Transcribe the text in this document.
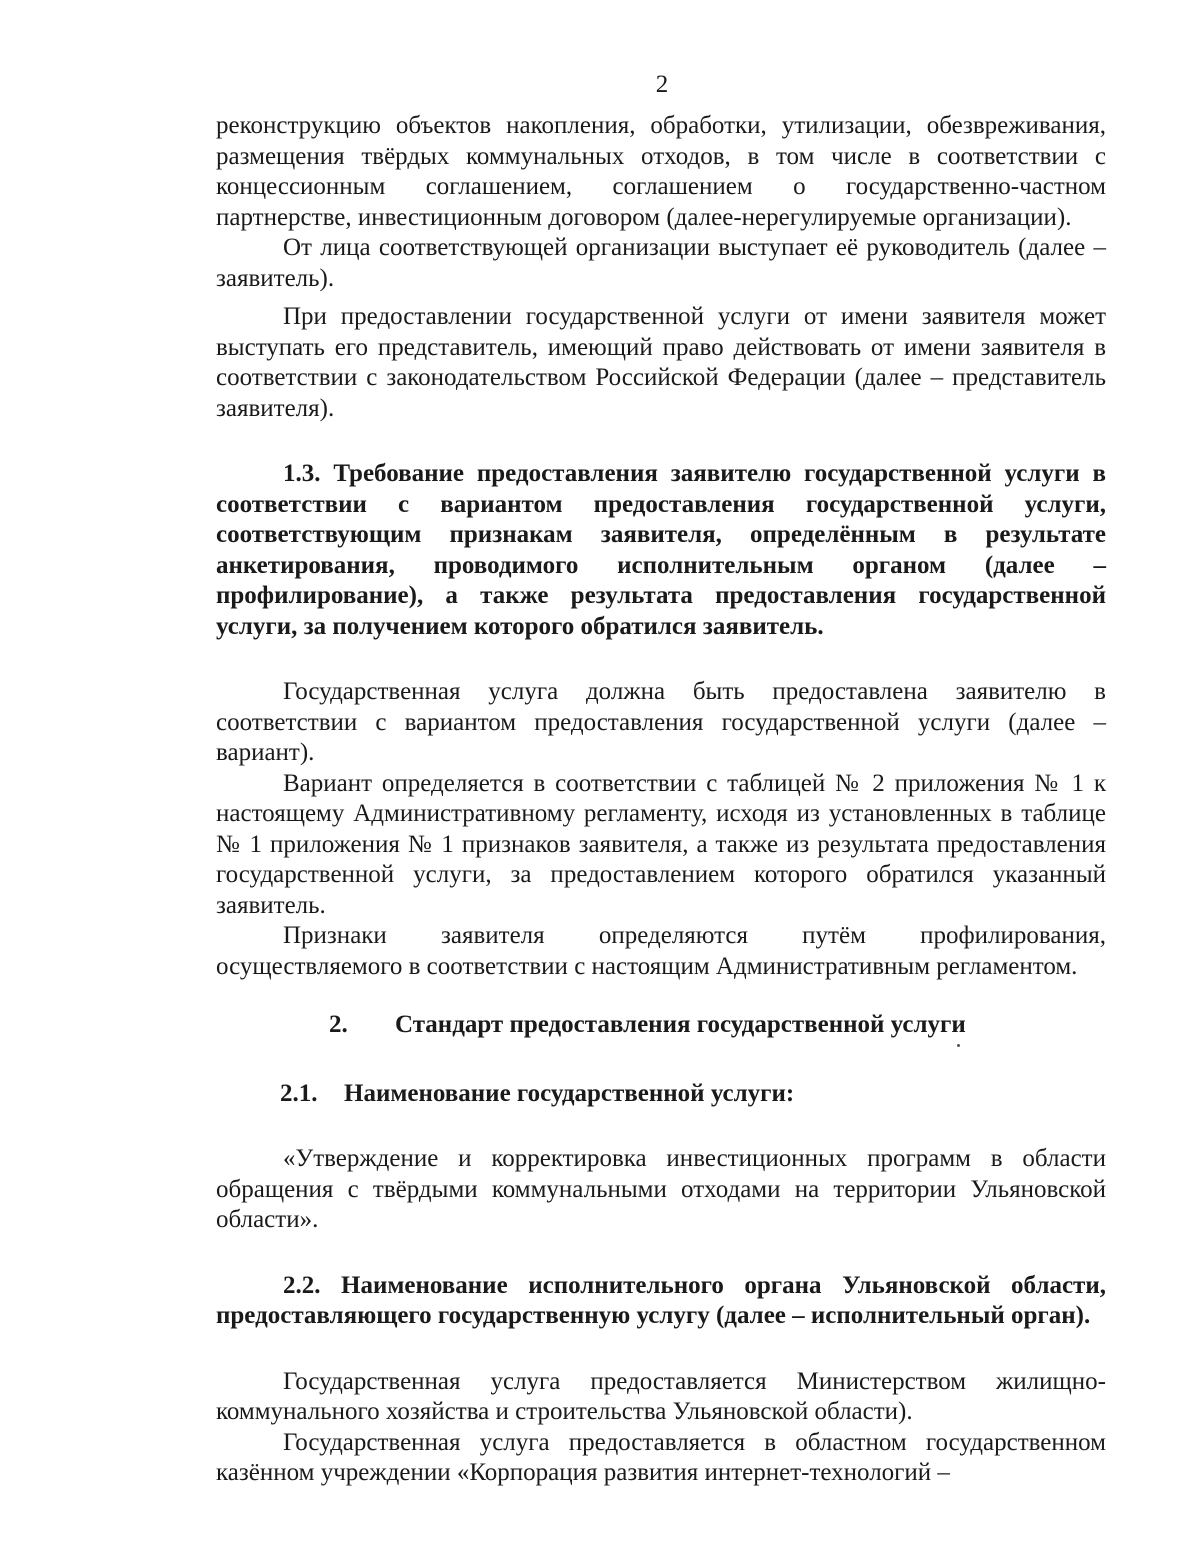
2

реконструкцию объектов накопления, обработки, утилизации, обезвреживания, размещения твёрдых коммунальных отходов, в том числе в соответствии с концессионным соглашением, соглашением о государственно-частном партнерстве, инвестиционным договором (далее-нерегулируемые организации).

От лица соответствующей организации выступает её руководитель (далее – заявитель).

При предоставлении государственной услуги от имени заявителя может выступать его представитель, имеющий право действовать от имени заявителя в соответствии с законодательством Российской Федерации (далее – представитель заявителя).

1.3. Требование предоставления заявителю государственной услуги в соответствии с вариантом предоставления государственной услуги, соответствующим признакам заявителя, определённым в результате анкетирования, проводимого исполнительным органом (далее – профилирование), а также результата предоставления государственной услуги, за получением которого обратился заявитель.

Государственная услуга должна быть предоставлена заявителю в соответствии с вариантом предоставления государственной услуги (далее – вариант).

Вариант определяется в соответствии с таблицей № 2 приложения № 1 к настоящему Административному регламенту, исходя из установленных в таблице № 1 приложения № 1 признаков заявителя, а также из результата предоставления государственной услуги, за предоставлением которого обратился указанный заявитель.

Признаки заявителя определяются путём профилирования, осуществляемого в соответствии с настоящим Административным регламентом.

2.	Стандарт предоставления государственной услуги
2.1.	Наименование государственной услуги:

«Утверждение и корректировка инвестиционных программ в области обращения с твёрдыми коммунальными отходами на территории Ульяновской области».

2.2. Наименование исполнительного органа Ульяновской области, предоставляющего государственную услугу (далее – исполнительный орган).

Государственная услуга предоставляется Министерством жилищно-коммунального хозяйства и строительства Ульяновской области).

Государственная услуга предоставляется в областном государственном казённом учреждении «Корпорация развития интернет-технологий –
